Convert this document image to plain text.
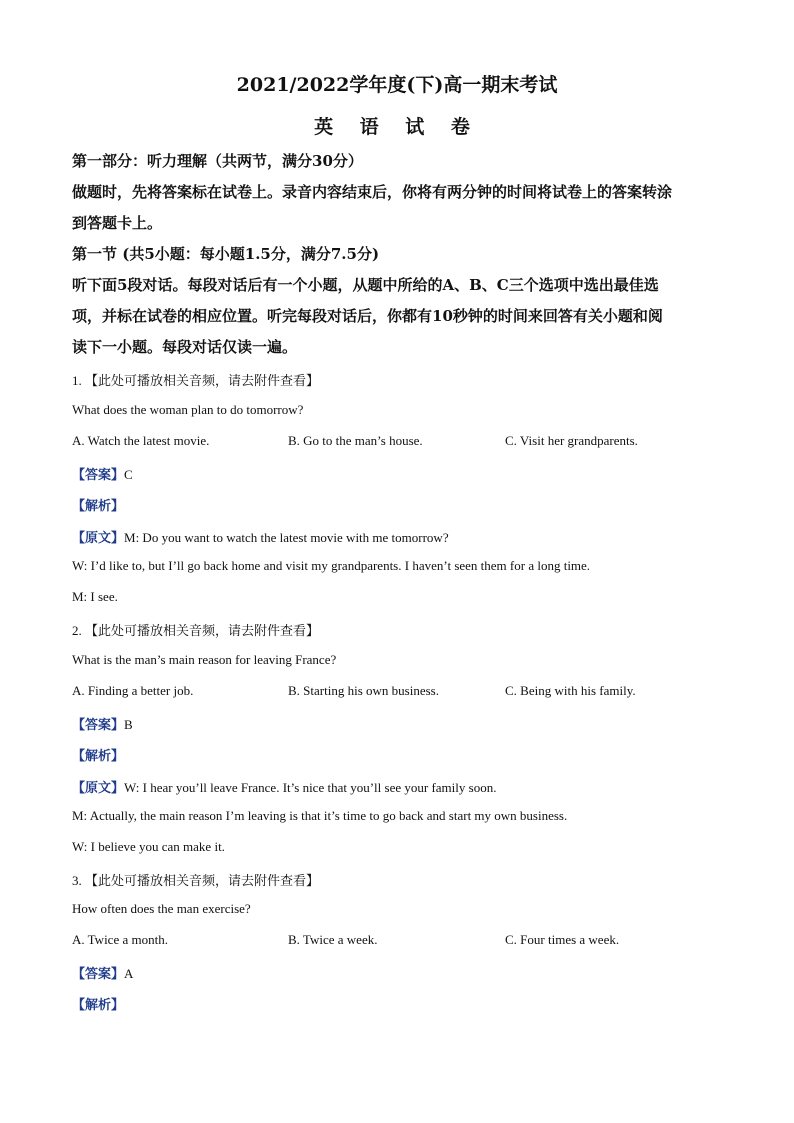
2021/2022学年度(下)高一期末考试
英 语 试 卷
第一部分：听力理解（共两节，满分30分）
做题时，先将答案标在试卷上。录音内容结束后，你将有两分钟的时间将试卷上的答案转涂
到答题卡上。
第一节 (共5小题：每小题1.5分，满分7.5分)
听下面5段对话。每段对话后有一个小题，从题中所给的A、B、C三个选项中选出最佳选
项，并标在试卷的相应位置。听完每段对话后，你都有10秒钟的时间来回答有关小题和阅
读下一小题。每段对话仅读一遍。
1. 【此处可播放相关音频，请去附件查看】
What does the woman plan to do tomorrow?
A. Watch the latest movie.	B. Go to the man’s house.	C. Visit her grandparents.
【答案】C
【解析】
【原文】M: Do you want to watch the latest movie with me tomorrow?
W: I’d like to, but I’ll go back home and visit my grandparents. I haven’t seen them for a long time.
M: I see.
2. 【此处可播放相关音频，请去附件查看】
What is the man’s main reason for leaving France?
A. Finding a better job.	B. Starting his own business.	C. Being with his family.
【答案】B
【解析】
【原文】W: I hear you’ll leave France. It’s nice that you’ll see your family soon.
M: Actually, the main reason I’m leaving is that it’s time to go back and start my own business.
W: I believe you can make it.
3. 【此处可播放相关音频，请去附件查看】
How often does the man exercise?
A. Twice a month.	B. Twice a week.	C. Four times a week.
【答案】A
【解析】
